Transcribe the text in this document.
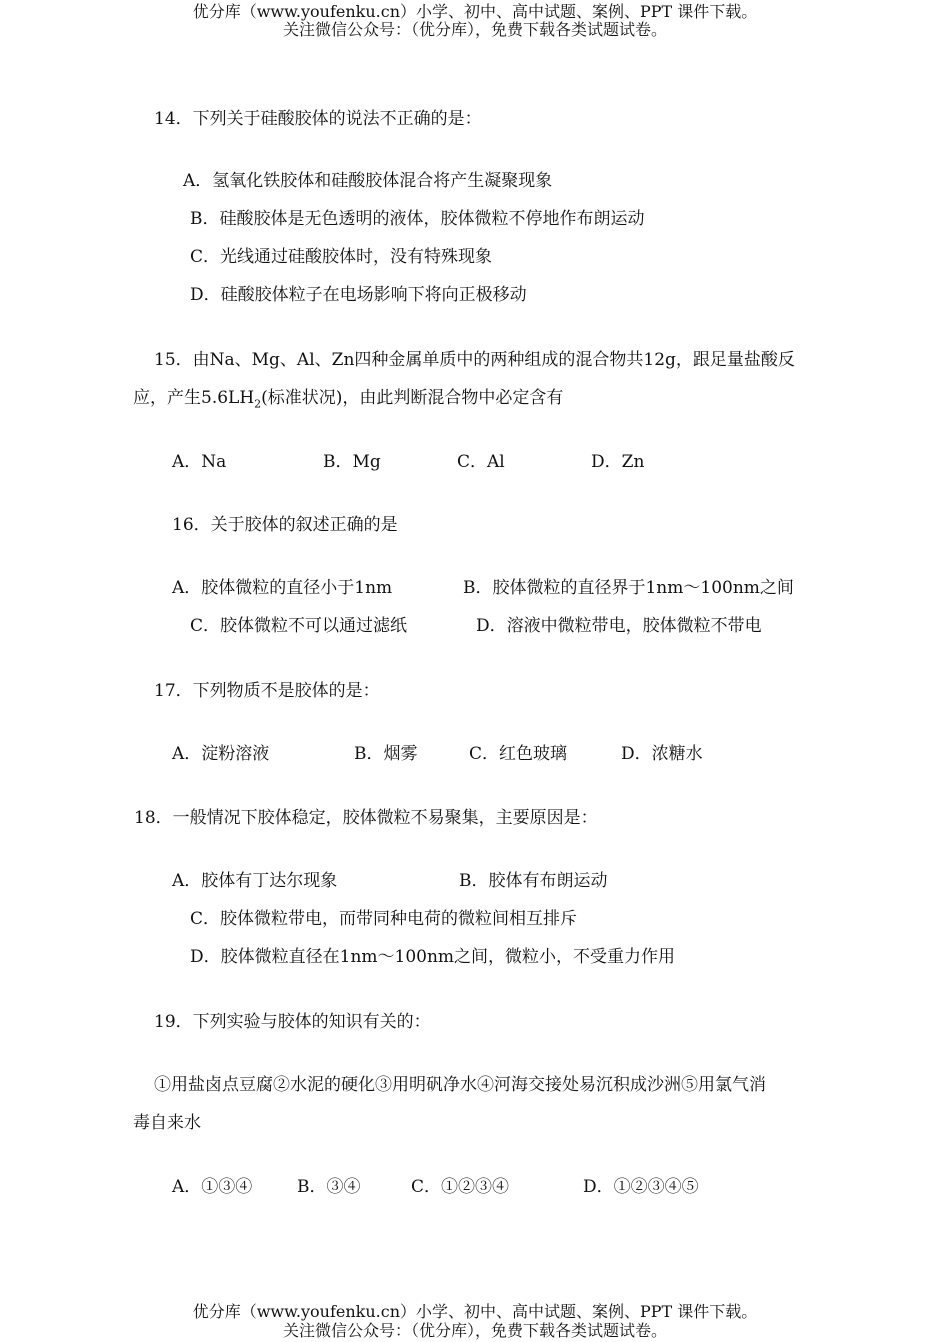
优分库（www.youfenku.cn）小学、初中、高中试题、案例、PPT 课件下载。
关注微信公众号：（优分库），免费下载各类试题试卷。
14．下列关于硅酸胶体的说法不正确的是：
A．氢氧化铁胶体和硅酸胶体混合将产生凝聚现象
B．硅酸胶体是无色透明的液体，胶体微粒不停地作布朗运动
C．光线通过硅酸胶体时，没有特殊现象
D．硅酸胶体粒子在电场影响下将向正极移动
15．由Na、Mg、Al、Zn四种金属单质中的两种组成的混合物共12g，跟足量盐酸反
应，产生$5.6LH_2$(标准状况)，由此判断混合物中必定含有
A．Na	B．Mg	C．Al	D．Zn
16．关于胶体的叙述正确的是
A．胶体微粒的直径小于1nm	B．胶体微粒的直径界于1nm～100nm之间
C．胶体微粒不可以通过滤纸	D．溶液中微粒带电，胶体微粒不带电
17．下列物质不是胶体的是：
A．淀粉溶液	B．烟雾	C．红色玻璃	D．浓糖水
18．一般情况下胶体稳定，胶体微粒不易聚集，主要原因是：
A．胶体有丁达尔现象	B．胶体有布朗运动
C．胶体微粒带电，而带同种电荷的微粒间相互排斥
D．胶体微粒直径在1nm～100nm之间，微粒小，不受重力作用
19．下列实验与胶体的知识有关的：
①用盐卤点豆腐②水泥的硬化③用明矾净水④河海交接处易沉积成沙洲⑤用氯气消
毒自来水
A．①③④	B．③④	C．①②③④	D．①②③④⑤
优分库（www.youfenku.cn）小学、初中、高中试题、案例、PPT 课件下载。
关注微信公众号：（优分库），免费下载各类试题试卷。
